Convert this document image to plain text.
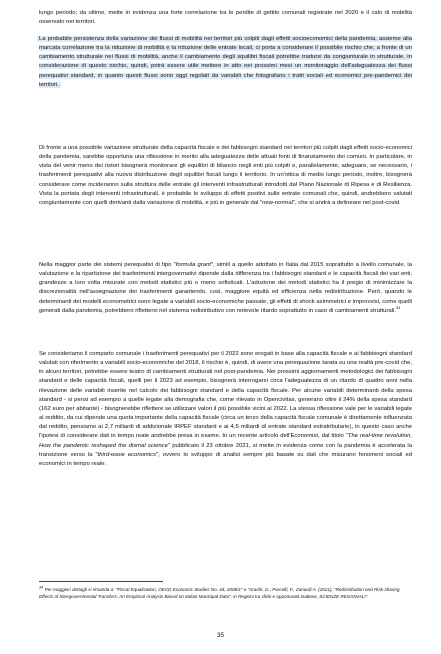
lungo periodo; da ultimo, mette in evidenza una forte correlazione tra le perdite di gettito comunali registrate nel 2020 e il calo di mobilità osservato nei territori.

La probabile persistenza della variazione dei flussi di mobilità nei territori più colpiti dagli effetti socioeconomici della pandemia, assieme alla marcata correlazione tra la riduzione di mobilità e la riduzione delle entrate locali, ci porta a considerare il possibile rischio che, a fronte di un cambiamento strutturale nei flussi di mobilità, anche il cambiamento degli squilibri fiscali potrebbe tradursi da congiunturale in strutturale. In considerazione di questo rischio, quindi, potrà essere utile mettere in atto nei prossimi mesi un monitoraggio dell'adeguatezza dei flussi perequativi standard, in quanto questi flussi sono oggi regolati da variabili che fotografano i tratti sociali ed economici pre-pandemici dei territori.

Di fronte a una possibile variazione strutturale della capacità fiscale e dei fabbisogni standard nei territori più colpiti dagli effetti socio-economici della pandemia, sarebbe opportuna una riflessione in merito alla adeguatezza delle attuali fonti di finanziamento dei comuni. In particolare, in vista del venir meno dei ristori bisognerà monitorare gli equilibri di bilancio negli enti più colpiti e, parallelamente, adeguare, se necessario, i trasferimenti perequativi alla nuova distribuzione degli squilibri fiscali lungo il territorio. In un'ottica di medio lungo periodo, inoltre, bisognerà considerare come incideranno sulla struttura delle entrate gli interventi infrastrutturali introdotti dal Piano Nazionale di Ripesa e di Resilienza. Vista la portata degli interventi infrastrutturali, è probabile lo sviluppo di effetti positivi sulle entrate comunali che, quindi, andrebbero valutati congiuntamente con quelli derivanti dalla variazione di mobilità, e più in generale dal "new-normal", che si andrà a delineare nel post-covid.

Nella maggior parte dei sistemi perequativi di tipo "formula grant", simili a quello adottato in Italia dal 2015 soprattutto a livello comunale, la valutazione e la ripartizione dei trasferimenti intergovernativi dipende dalla differenza tra i fabbisogni standard e le capacità fiscali dei vari enti, grandezze a loro volta misurate con metodi statistici più o meno sofisticati. L'adozione dei metodi statistici ha il pregio di minimizzare la discrezionalità nell'assegnazione dei trasferimenti garantendo, così, maggiore equità ed efficienza nella redistribuzione. Però, quando le determinanti dei modelli econometrici sono legate a variabili socio-economiche passate, gli effetti di shock asimmetrici e improvvisi, come quelli generati dalla pandemia, potrebbero riflettersi nel sistema redistributivo con notevole ritardo soprattutto in caso di cambiamenti strutturali.$^{34}$

Se consideriamo il comparto comunale i trasferimenti perequativi per il 2022 sono erogati in base alla capacità fiscale e ai fabbisogni standard valutati con riferimento a variabili socio-economiche del 2018, il rischio è, quindi, di avere una perequazione tarata su una realtà pre-covid che, in alcuni territori, potrebbe essere teatro di cambiamenti strutturali nel post-pandemia. Nei prossimi aggiornamenti metodologici dei fabbisogni standard e delle capacità fiscali, quelli per il 2023 ad esempio, bisognerà interrogarsi circa l'adeguatezza di un ritardo di quattro anni nella rilevazione delle variabili inserite nel calcolo dei fabbisogni standard e della capacità fiscale. Per alcune variabili determinanti della spesa standard - si pensi ad esempio a quelle legate alla demografia che, come rilevato in Opencivitas, generano oltre il 24% della spesa standard (162 euro per abitante) - bisognerebbe riflettere se utilizzare valori il più possibile vicini al 2022. La stessa riflessione vale per le variabili legate al reddito, da cui dipende una quota importante della capacità fiscale (circa un terzo della capacità fiscale comunale è direttamente influenzata dal reddito, pensiamo ai 2,7 miliardi di addizionale IRPEF standard e ai 4,5 miliardi di entrate standard extratributarie), in questo caso anche l'ipotesi di considerare dati in tempo reale andrebbe presa in esame. In un recente articolo dell'Economist, dal titolo "The real-time revolution, How the pandemic reshaped the dismal science" pubblicato il 23 ottobre 2021, si mette in evidenza come con la pandemia è accelerata la transizione verso la "third-wave economics", ovvero lo sviluppo di analisi sempre più basate su dati che misurano fenomeni sociali ed economici in tempo reale.

34 Per maggiori dettagli si rimanda a: "Fiscal Equalisation, OECD Economic Studies No. 44, 2008/1" e "Arachi, G., Porcelli, F., Zanardi A. (2021), "Redistribution and Risk-sharing Effects of Intergovernmental Transfers: An Empirical Analysis Based on Italian Municipal Data", in Regioni tra sfide e opportunità inattese, SCIENZE REGIONALI".

35
